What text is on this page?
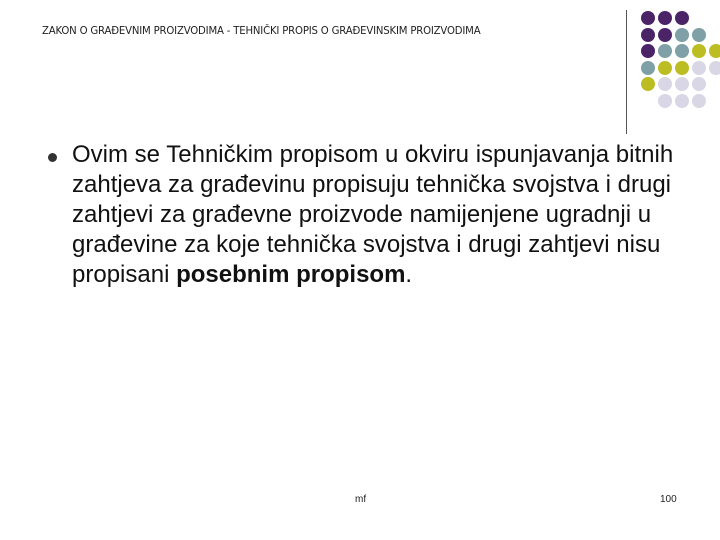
ZAKON O GRAĐEVNIM PROIZVODIMA - TEHNIČKI PROPIS O GRAĐEVINSKIM PROIZVODIMA
Ovim se Tehničkim propisom u okviru ispunjavanja bitnih zahtjeva za građevinu propisuju tehnička svojstva i drugi zahtjevi za građevne proizvode namijenjene ugradnji u građevine za koje tehnička svojstva i drugi zahtjevi nisu propisani posebnim propisom.
mf	100
